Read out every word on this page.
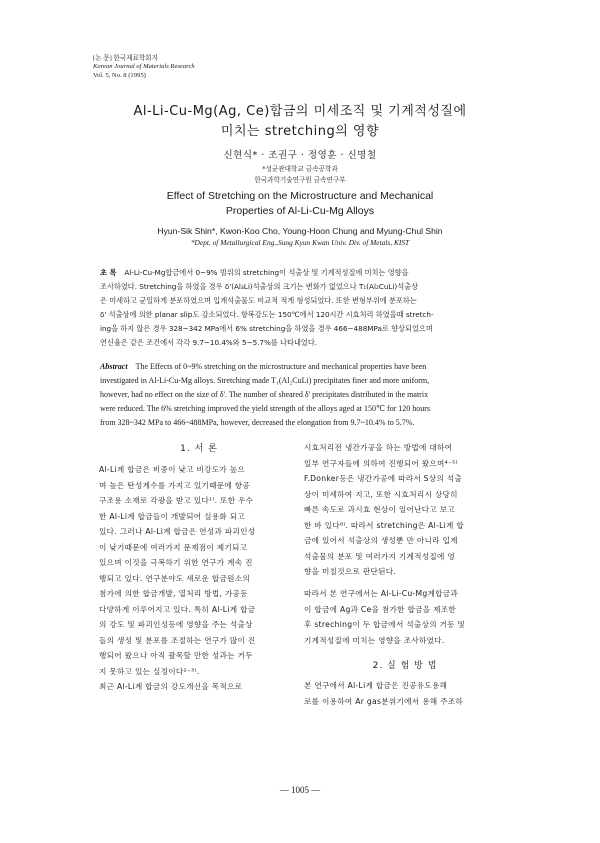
[논 문] 한국재료학회지
Korean Journal of Materials Research
Vol. 5, No. 8 (1995)
Al-Li-Cu-Mg(Ag, Ce)합금의 미세조직 및 기계적성질에
미치는 stretching의 영향
신현식* · 조권구 · 정영훈 · 신명철
*성균관대학교 금속공학과
한국과학기술연구원 금속연구부
Effect of Stretching on the Microstructure and Mechanical
Properties of Al-Li-Cu-Mg Alloys
Hyun-Sik Shin*, Kwon-Koo Cho, Young-Hoon Chung and Myung-Chul Shin
*Dept. of Metallurgical Eng.,Sung Kyun Kwan Univ. Div. of Metals, KIST
초 록 Al-Li-Cu-Mg합금에서 0~9% 범위의 stretching이 석출상 및 기계적성질에 미치는 영향을
조사하였다. Stretching을 하였을 경우 δ'(Al₃Li)석출상의 크기는 변화가 없었으나 T₁(Al₂CuLi)석출상
은 미세하고 균일하게 분포하였으며 입계석출물도 비교적 적게 형성되었다. 또한 변형부위에 분포하는
δ' 석출상에 의한 planar slip도 감소되었다. 항복강도는 150℃에서 120시간 시효처리 하였을때 stretch-
ing을 하지 않은 경우 328~342 MPa에서 6% stretching을 하였을 경우 466~488MPa로 향상되었으며
연신율은 같은 조건에서 각각 9.7~10.4%와 5~5.7%를 나타내었다.
Abstract The Effects of 0~9% stretching on the microstructure and mechanical properties have been
investigated in Al-Li-Cu-Mg alloys. Stretching made T₁(Al₂CuLi) precipitates finer and more uniform,
however, had no effect on the size of δ'. The number of sheared δ' precipitates distributed in the matrix
were reduced. The 6% stretching improved the yield strength of the alloys aged at 150℃ for 120 hours
from 328~342 MPa to 466~488MPa, however, decreased the elongation from 9.7~10.4% to 5.7%.
1. 서 론
Al-Li계 합금은 비중이 낮고 비강도가 높으
며 높은 탄성계수를 가지고 있기때문에 항공
구조용 소재로 각광을 받고 있다¹⁾. 또한 우수
한 Al-Li계 합금들이 개발되어 실용화 되고
있다. 그러나 Al-Li계 합금은 연성과 파괴인성
이 낮기때문에 여러가지 문제점이 제기되고
있으며 이것을 극복하기 위한 연구가 계속 진
행되고 있다. 연구분야도 새로운 합금원소의
첨가에 의한 합금개발, 열처리 방법, 가공등
다양하게 이루어지고 있다. 특히 Al-Li계 합금
의 강도 및 파괴인성등에 영향을 주는 석출상
들의 생성 및 분포를 조절하는 연구가 많이 진
행되어 왔으나 아직 괄목할 만한 성과는 거두
지 못하고 있는 실정이다²⁻³⁾.
최근 Al-Li계 합금의 강도개선을 목적으로
시효처리전 냉간가공을 하는 방법에 대하여
일부 연구자들에 의하여 진행되어 왔으며⁴⁻⁵⁾
F.Donker등은 냉간가공에 따라서 S상의 석출
상이 미세하여 지고, 또한 시효처리시 상당히
빠른 속도로 과시효 현상이 일어난다고 보고
한 바 있다⁶⁾. 따라서 stretching은 Al-Li계 합
금에 있어서 석출상의 생성뿐 만 아니라 입계
석출물의 분포 및 여러가지 기계적성질에 영
향을 미칠것으로 판단된다.
따라서 본 연구에서는 Al-Li-Cu-Mg계합금과
이 합금에 Ag과 Ce을 첨가한 합금을 제조한
후 streching이 두 합금에서 석출상의 거동 및
기계적성질에 미치는 영향을 조사하였다.
2. 실 험 방 법
본 연구에서 Al-Li계 합금은 진공유도용해
로를 이용하여 Ar gas분위기에서 용해 주조하
— 1005 —
